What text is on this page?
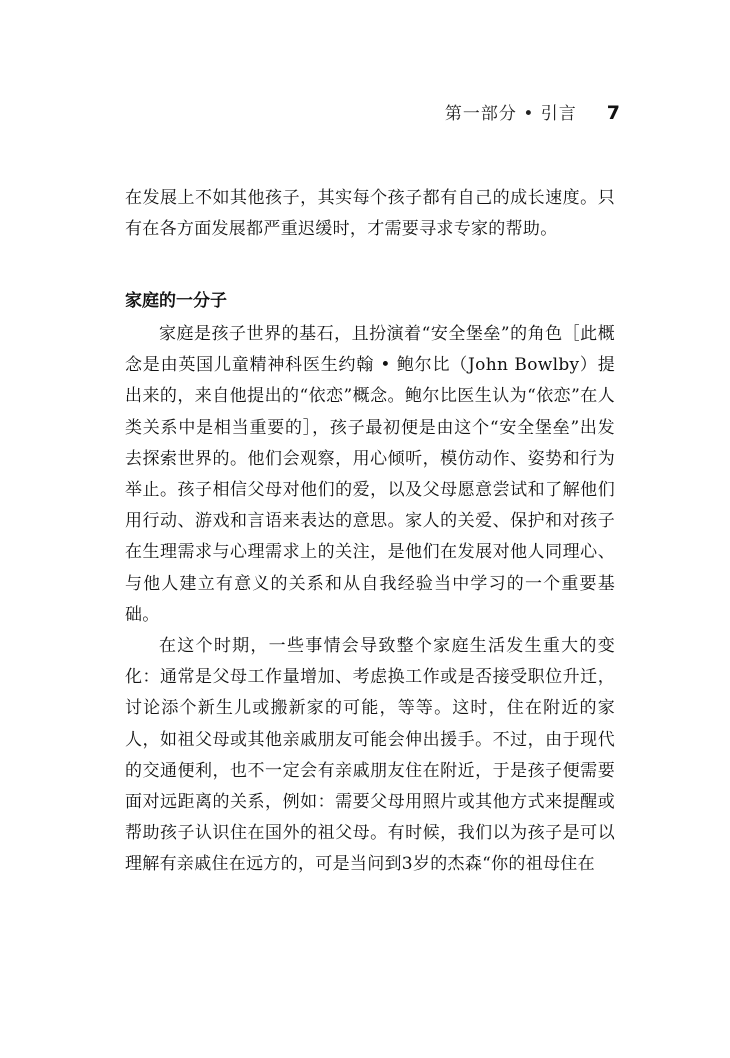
第一部分 • 引言 7

在发展上不如其他孩子，其实每个孩子都有自己的成长速度。只有在各方面发展都严重迟缓时，才需要寻求专家的帮助。

家庭的一分子

家庭是孩子世界的基石，且扮演着“安全堡垒”的角色［此概念是由英国儿童精神科医生约翰 • 鲍尔比（John Bowlby）提出来的，来自他提出的“依恋”概念。鲍尔比医生认为“依恋”在人类关系中是相当重要的］，孩子最初便是由这个“安全堡垒”出发去探索世界的。他们会观察，用心倾听，模仿动作、姿势和行为举止。孩子相信父母对他们的爱，以及父母愿意尝试和了解他们用行动、游戏和言语来表达的意思。家人的关爱、保护和对孩子在生理需求与心理需求上的关注，是他们在发展对他人同理心、与他人建立有意义的关系和从自我经验当中学习的一个重要基础。

在这个时期，一些事情会导致整个家庭生活发生重大的变化：通常是父母工作量增加、考虑换工作或是否接受职位升迁，讨论添个新生儿或搬新家的可能，等等。这时，住在附近的家人，如祖父母或其他亲戚朋友可能会伸出援手。不过，由于现代的交通便利，也不一定会有亲戚朋友住在附近，于是孩子便需要面对远距离的关系，例如：需要父母用照片或其他方式来提醒或帮助孩子认识住在国外的祖父母。有时候，我们以为孩子是可以理解有亲戚住在远方的，可是当问到3岁的杰森“你的祖母住在
